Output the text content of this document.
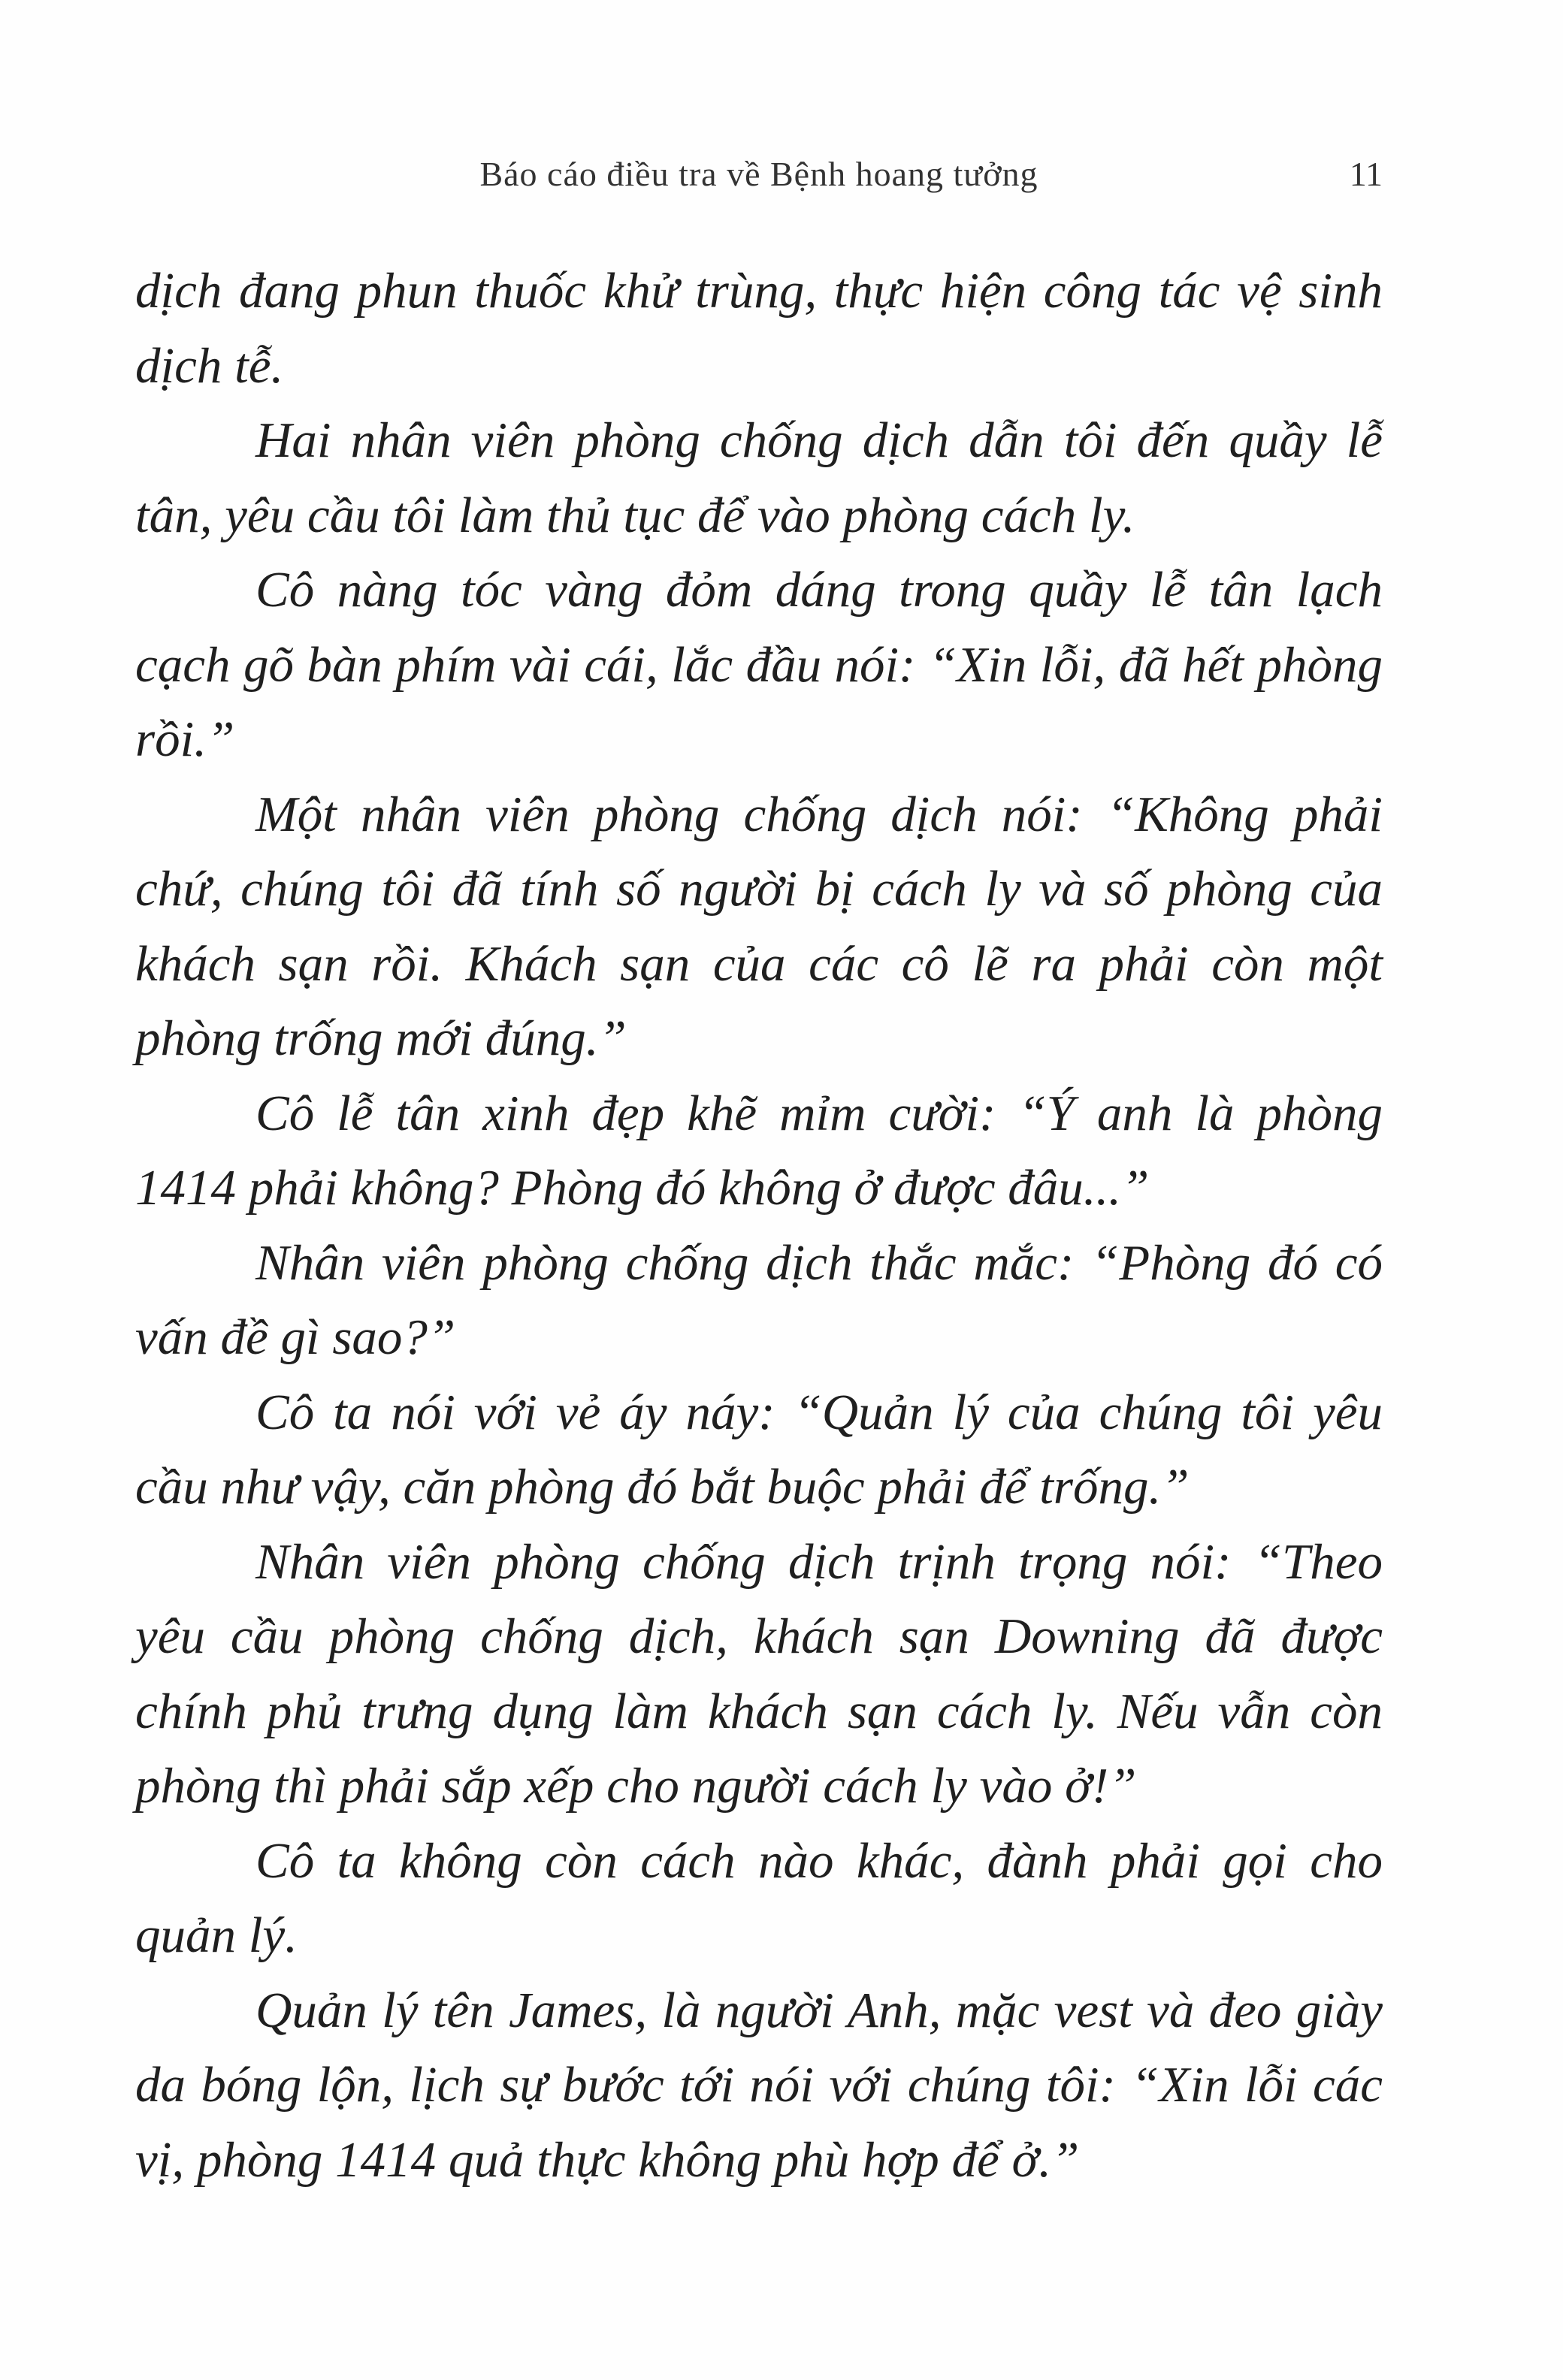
Báo cáo điều tra về Bệnh hoang tưởng	11

dịch đang phun thuốc khử trùng, thực hiện công tác vệ sinh dịch tễ.

Hai nhân viên phòng chống dịch dẫn tôi đến quầy lễ tân, yêu cầu tôi làm thủ tục để vào phòng cách ly.

Cô nàng tóc vàng đỏm dáng trong quầy lễ tân lạch cạch gõ bàn phím vài cái, lắc đầu nói: “Xin lỗi, đã hết phòng rồi.”

Một nhân viên phòng chống dịch nói: “Không phải chứ, chúng tôi đã tính số người bị cách ly và số phòng của khách sạn rồi. Khách sạn của các cô lẽ ra phải còn một phòng trống mới đúng.”

Cô lễ tân xinh đẹp khẽ mỉm cười: “Ý anh là phòng 1414 phải không? Phòng đó không ở được đâu...”

Nhân viên phòng chống dịch thắc mắc: “Phòng đó có vấn đề gì sao?”

Cô ta nói với vẻ áy náy: “Quản lý của chúng tôi yêu cầu như vậy, căn phòng đó bắt buộc phải để trống.”

Nhân viên phòng chống dịch trịnh trọng nói: “Theo yêu cầu phòng chống dịch, khách sạn Downing đã được chính phủ trưng dụng làm khách sạn cách ly. Nếu vẫn còn phòng thì phải sắp xếp cho người cách ly vào ở!”

Cô ta không còn cách nào khác, đành phải gọi cho quản lý.

Quản lý tên James, là người Anh, mặc vest và đeo giày da bóng lộn, lịch sự bước tới nói với chúng tôi: “Xin lỗi các vị, phòng 1414 quả thực không phù hợp để ở.”
